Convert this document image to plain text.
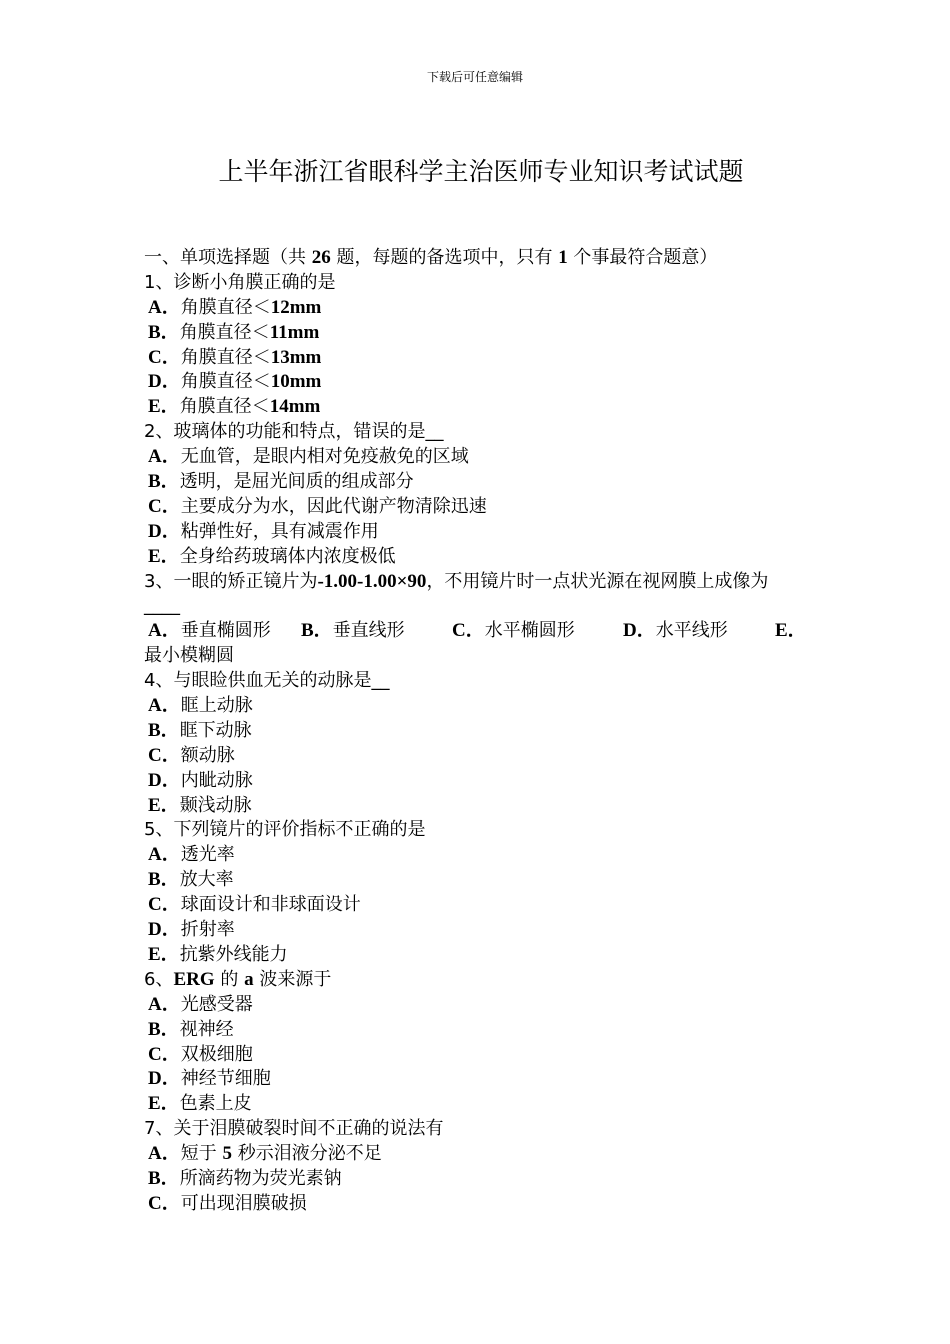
下载后可任意编辑
上半年浙江省眼科学主治医师专业知识考试试题
一、单项选择题（共 26 题，每题的备选项中，只有 1 个事最符合题意）
1、诊断小角膜正确的是
A．角膜直径＜12mm
B．角膜直径＜11mm
C．角膜直径＜13mm
D．角膜直径＜10mm
E．角膜直径＜14mm
2、玻璃体的功能和特点，错误的是__
A．无血管，是眼内相对免疫赦免的区域
B．透明，是屈光间质的组成部分
C．主要成分为水，因此代谢产物清除迅速
D．粘弹性好，具有减震作用
E．全身给药玻璃体内浓度极低
3、一眼的矫正镜片为-1.00-1.00×90，不用镜片时一点状光源在视网膜上成像为
____
A．垂直椭圆形	B．垂直线形	C．水平椭圆形	D．水平线形	E．
最小模糊圆
4、与眼睑供血无关的动脉是__
A．眶上动脉
B．眶下动脉
C．额动脉
D．内眦动脉
E．颞浅动脉
5、下列镜片的评价指标不正确的是
A．透光率
B．放大率
C．球面设计和非球面设计
D．折射率
E．抗紫外线能力
6、ERG 的 a 波来源于
A．光感受器
B．视神经
C．双极细胞
D．神经节细胞
E．色素上皮
7、关于泪膜破裂时间不正确的说法有
A．短于 5 秒示泪液分泌不足
B．所滴药物为荧光素钠
C．可出现泪膜破损
